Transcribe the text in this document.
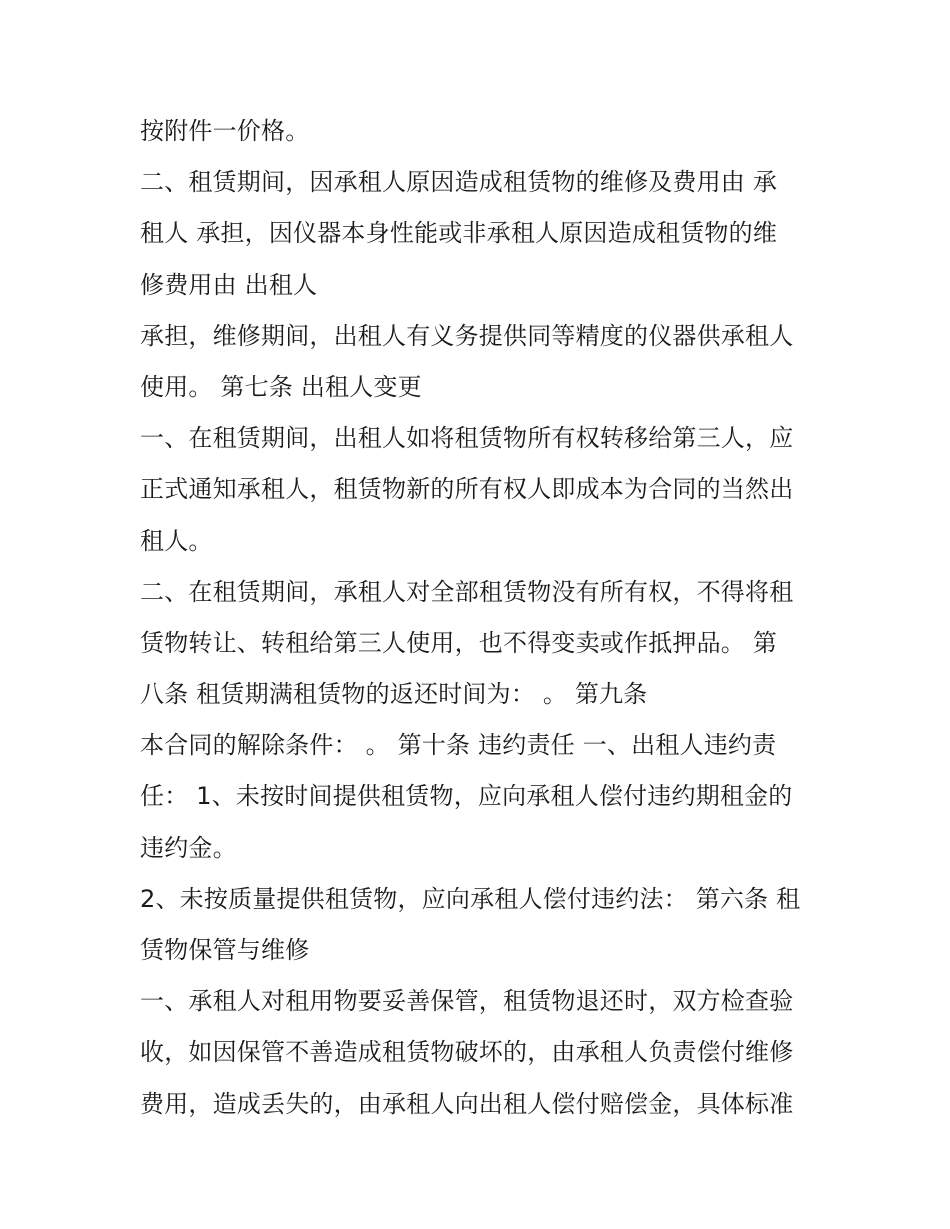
按附件一价格。
二、租赁期间，因承租人原因造成租赁物的维修及费用由 承
租人 承担，因仪器本身性能或非承租人原因造成租赁物的维
修费用由 出租人
承担，维修期间，出租人有义务提供同等精度的仪器供承租人
使用。 第七条 出租人变更
一、在租赁期间，出租人如将租赁物所有权转移给第三人，应
正式通知承租人，租赁物新的所有权人即成本为合同的当然出
租人。
二、在租赁期间，承租人对全部租赁物没有所有权，不得将租
赁物转让、转租给第三人使用，也不得变卖或作抵押品。 第
八条 租赁期满租赁物的返还时间为： 。 第九条
本合同的解除条件： 。 第十条 违约责任 一、出租人违约责
任： 1、未按时间提供租赁物，应向承租人偿付违约期租金的
违约金。
2、未按质量提供租赁物，应向承租人偿付违约法： 第六条 租
赁物保管与维修
一、承租人对租用物要妥善保管，租赁物退还时，双方检查验
收，如因保管不善造成租赁物破坏的，由承租人负责偿付维修
费用，造成丢失的，由承租人向出租人偿付赔偿金，具体标准
